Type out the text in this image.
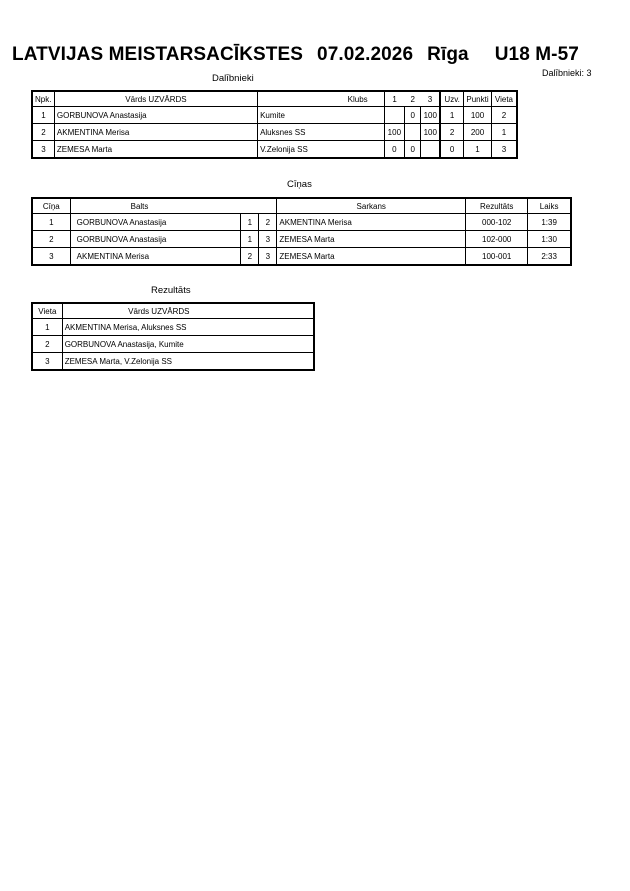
LATVIJAS MEISTARSACĪKSTES 07.02.2026 Rīga U18 M-57
Dalībnieki: 3
Dalībnieki
Npk.	Vārds UZVĀRDS	Klubs	1	2	3	Uzv.	Punkti	Vieta
1	GORBUNOVA Anastasija	Kumite		0	100	1	100	2
2	AKMENTINA Merisa	Aluksnes SS	100		100	2	200	1
3	ZEMESA Marta	V.Zelonija SS	0	0		0	1	3
Cīņas
Cīņa	Balts			Sarkans	Rezultāts	Laiks
1	GORBUNOVA Anastasija	1	2	AKMENTINA Merisa	000-102	1:39
2	GORBUNOVA Anastasija	1	3	ZEMESA Marta	102-000	1:30
3	AKMENTINA Merisa	2	3	ZEMESA Marta	100-001	2:33
Rezultāts
Vieta	Vārds UZVĀRDS
1	AKMENTINA Merisa, Aluksnes SS
2	GORBUNOVA Anastasija, Kumite
3	ZEMESA Marta, V.Zelonija SS
